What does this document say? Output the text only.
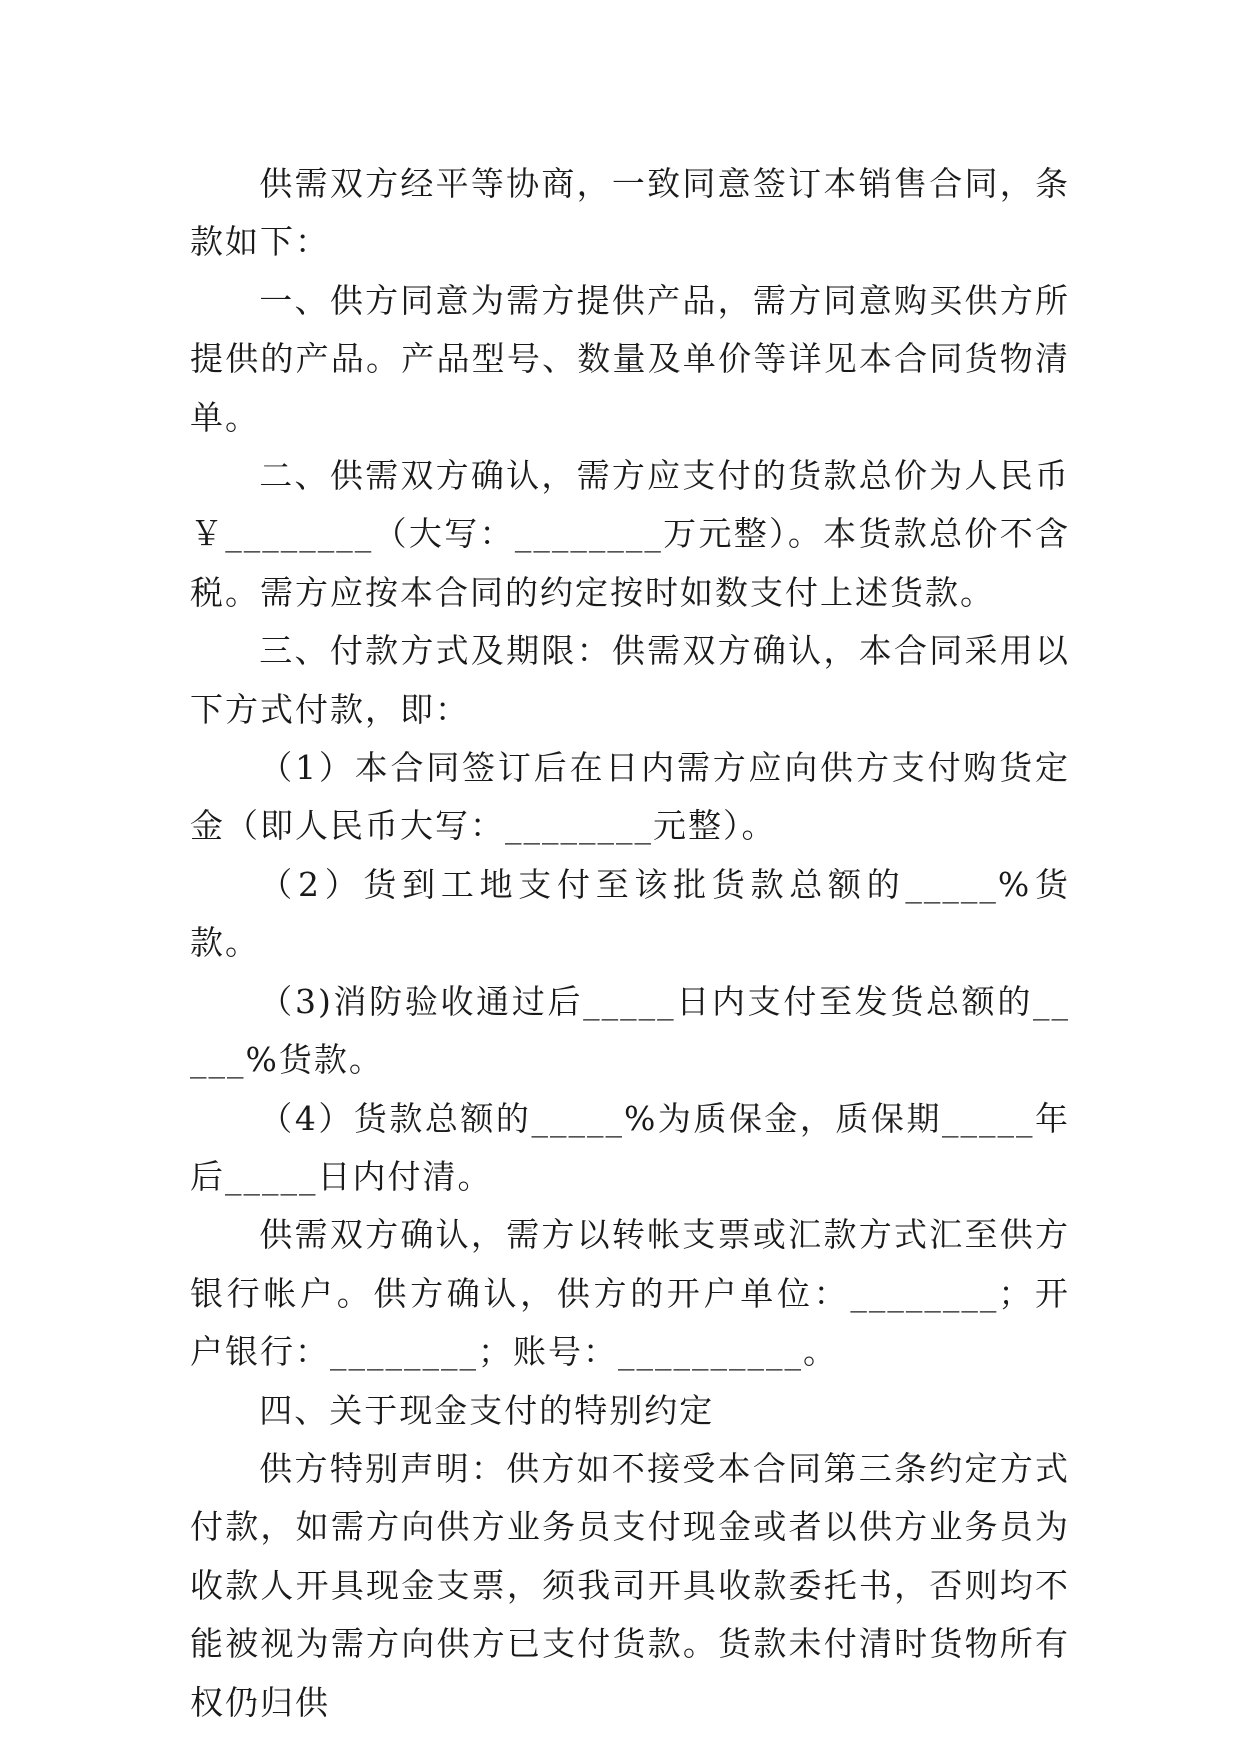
供需双方经平等协商，一致同意签订本销售合同，条款如下：

一、供方同意为需方提供产品，需方同意购买供方所提供的产品。产品型号、数量及单价等详见本合同货物清单。

二、供需双方确认，需方应支付的货款总价为人民币￥________（大写：________万元整）。本货款总价不含税。需方应按本合同的约定按时如数支付上述货款。

三、付款方式及期限：供需双方确认，本合同采用以下方式付款，即：

（1）本合同签订后在日内需方应向供方支付购货定金（即人民币大写：________元整）。

（2）货到工地支付至该批货款总额的_____%货款。

（3)消防验收通过后_____日内支付至发货总额的_____%货款。

（4）货款总额的_____%为质保金，质保期_____年后_____日内付清。

供需双方确认，需方以转帐支票或汇款方式汇至供方银行帐户。供方确认，供方的开户单位：________；开户银行：________；账号：__________。

四、关于现金支付的特别约定

供方特别声明：供方如不接受本合同第三条约定方式付款，如需方向供方业务员支付现金或者以供方业务员为收款人开具现金支票，须我司开具收款委托书，否则均不能被视为需方向供方已支付货款。货款未付清时货物所有权仍归供
